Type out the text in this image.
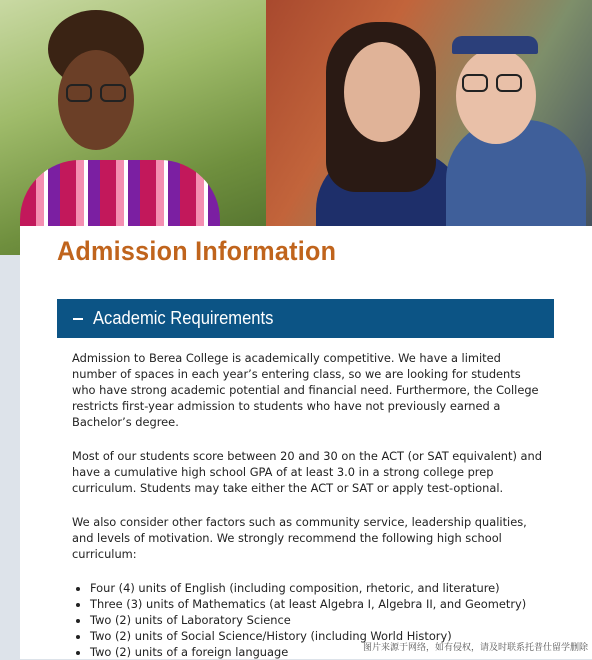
Admission Information
Academic Requirements

Admission to Berea College is academically competitive. We have a limited number of spaces in each year’s entering class, so we are looking for students who have strong academic potential and financial need. Furthermore, the College restricts first-year admission to students who have not previously earned a Bachelor’s degree.

Most of our students score between 20 and 30 on the ACT (or SAT equivalent) and have a cumulative high school GPA of at least 3.0 in a strong college prep curriculum. Students may take either the ACT or SAT or apply test-optional.

We also consider other factors such as community service, leadership qualities, and levels of motivation. We strongly recommend the following high school curriculum:

• Four (4) units of English (including composition, rhetoric, and literature)
• Three (3) units of Mathematics (at least Algebra I, Algebra II, and Geometry)
• Two (2) units of Laboratory Science
• Two (2) units of Social Science/History (including World History)
• Two (2) units of a foreign language	图片来源于网络，如有侵权，请及时联系托普仕留学删除
